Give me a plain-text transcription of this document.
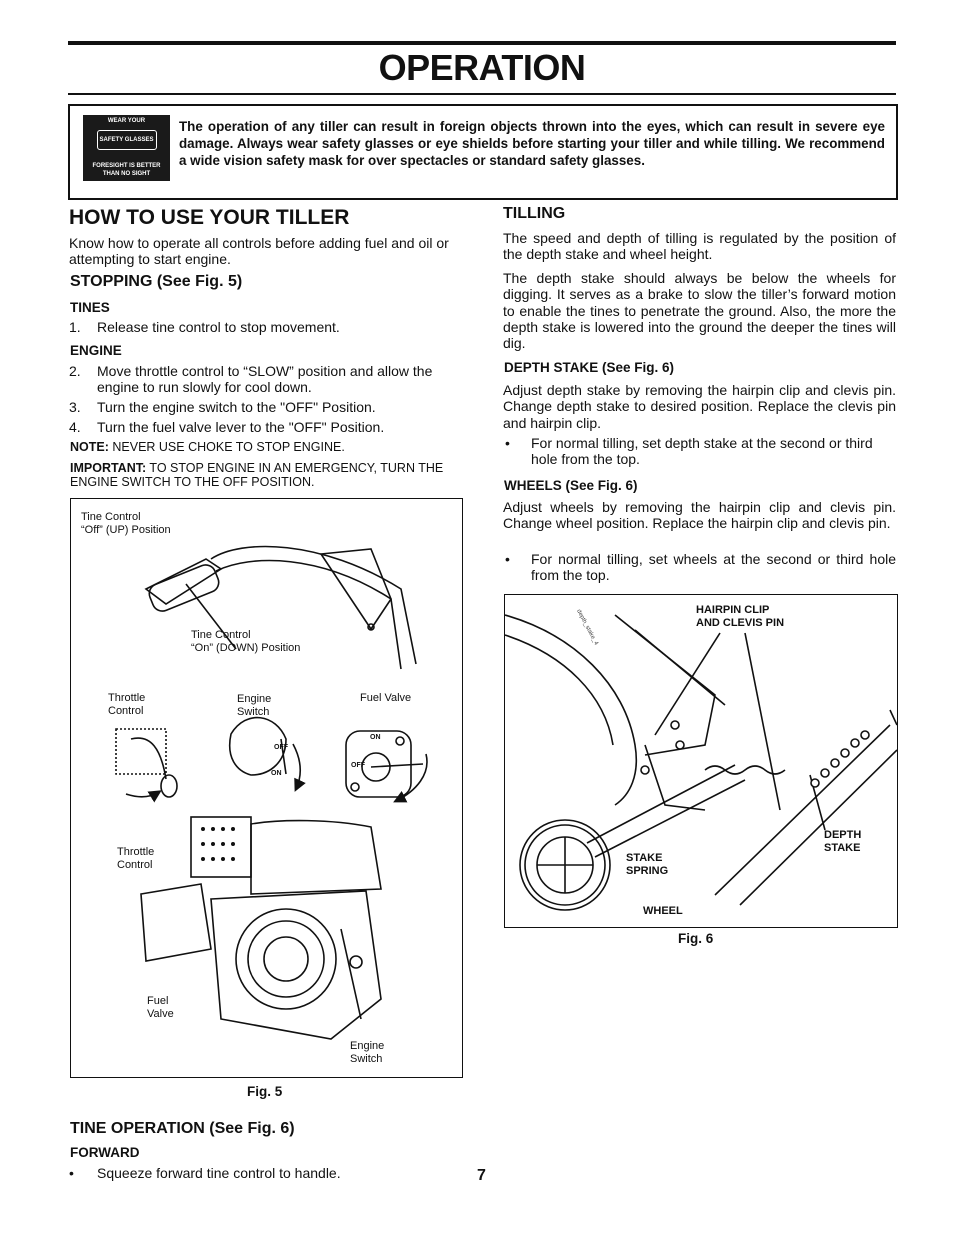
OPERATION
WEAR YOUR
SAFETY GLASSES
FORESIGHT IS BETTER
THAN NO SIGHT
The operation of any tiller can result in foreign objects thrown into the eyes, which can result in severe eye damage. Always wear safety glasses or eye shields before starting your tiller and while tilling. We recommend a wide vision safety mask for over spectacles or standard safety glasses.
HOW TO USE YOUR TILLER
Know how to operate all controls before adding fuel and oil or attempting to start engine.
STOPPING (See Fig. 5)
TINES
1.	Release tine control to stop movement.
ENGINE
2.	Move throttle control to “SLOW” position and allow the engine to run slowly for cool down.
3.	Turn the engine switch to the "OFF" Position.
4.	Turn the fuel valve lever to the "OFF" Position.
NOTE: NEVER USE CHOKE TO STOP ENGINE.
IMPORTANT: TO STOP ENGINE IN AN EMERGENCY, TURN THE ENGINE SWITCH TO THE OFF POSITION.
OFF
ON
ON
OFF
Tine Control
“Off” (UP) Position
Tine Control
“On” (DOWN) Position
Throttle
Control
Engine
Switch
Fuel Valve
Throttle
Control
Fuel
Valve
Engine
Switch
Fig. 5
TINE OPERATION (See Fig. 6)
FORWARD
•	Squeeze forward tine control to handle.
TILLING
The speed and depth of tilling is regulated by the position of the depth stake and wheel height.
The depth stake should always be below the wheels for digging. It serves as a brake to slow the tiller’s forward motion to enable the tines to penetrate the ground. Also, the more the depth stake is lowered into the ground the deeper the tines will dig.
DEPTH STAKE (See Fig. 6)
Adjust depth stake by removing the hairpin clip and clevis pin. Change depth stake to desired position. Replace the clevis pin and hairpin clip.
•	For normal tilling, set depth stake at the second or third hole from the top.
WHEELS (See Fig. 6)
Adjust wheels by removing the hairpin clip and clevis pin. Change wheel position. Replace the hairpin clip and clevis pin.
•	For normal tilling, set wheels at the second or third hole from the top.
depth_stake_4	HAIRPIN CLIP
AND CLEVIS PIN
DEPTH
STAKE
STAKE
SPRING
WHEEL
Fig. 6
7
